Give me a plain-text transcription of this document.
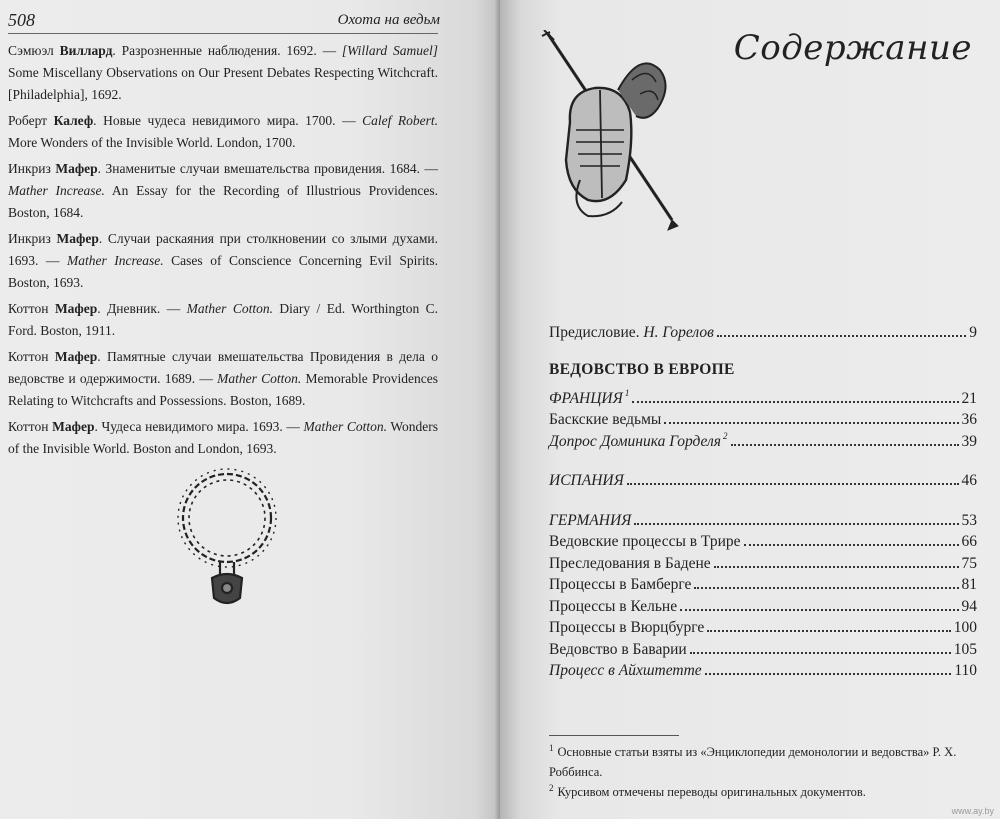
508	Охота на ведьм

Сэмюэл Виллард. Разрозненные наблюдения. 1692. — [Willard Samuel] Some Miscellany Observations on Our Present Debates Respecting Witchcraft. [Philadelphia], 1692.

Роберт Калеф. Новые чудеса невидимого мира. 1700. — Calef Robert. More Wonders of the Invisible World. London, 1700.

Инкриз Мафер. Знаменитые случаи вмешательства провидения. 1684. — Mather Increase. An Essay for the Recording of Illustrious Providences. Boston, 1684.

Инкриз Мафер. Случаи раскаяния при столкновении со злыми духами. 1693. — Mather Increase. Cases of Conscience Concerning Evil Spirits. Boston, 1693.

Коттон Мафер. Дневник. — Mather Cotton. Diary / Ed. Worthington C. Ford. Boston, 1911.

Коттон Мафер. Памятные случаи вмешательства Провидения в дела о ведовстве и одержимости. 1689. — Mather Cotton. Memorable Providences Relating to Witchcrafts and Possessions. Boston, 1689.

Коттон Мафер. Чудеса невидимого мира. 1693. — Mather Cotton. Wonders of the Invisible World. Boston and London, 1693.

Содержание
Предисловие. Н. Горелов	9
ВЕДОВСТВО В ЕВРОПЕ
ФРАНЦИЯ $^1$	21
Баскские ведьмы	36
Допрос Доминика Горделя $^2$	39
ИСПАНИЯ	46
ГЕРМАНИЯ	53
Ведовские процессы в Трире	66
Преследования в Бадене	75
Процессы в Бамберге	81
Процессы в Кельне	94
Процессы в Вюрцбурге	100
Ведовство в Баварии	105
Процесс в Айхштетте	110
$^1$ Основные статьи взяты из «Энциклопедии демонологии и ведовства» Р. Х. Роббинса.
$^2$ Курсивом отмечены переводы оригинальных документов.
www.ay.by
